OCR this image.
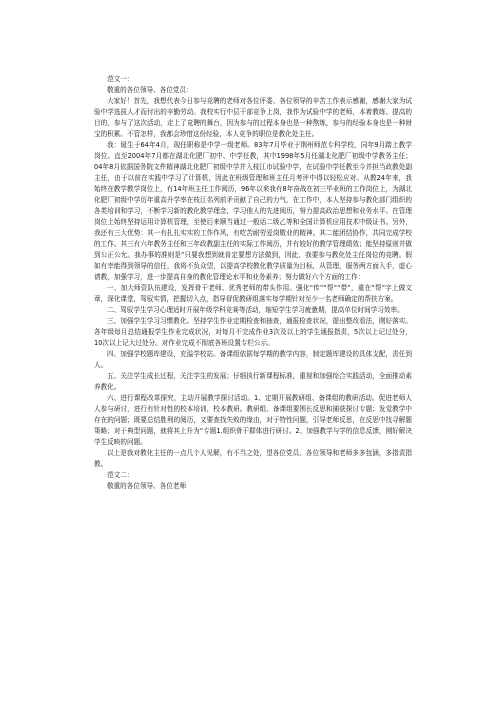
范文一：

敬重的各位领导、各位党员：

大家好！首先，我想代表今日参与竞聘的老师对各位评委、各位领导的辛苦工作表示感谢，感谢大家为试验中学选拔人才而付出的辛勤劳动。我校实行中层干部竞争上岗，我作为试验中学的老师，本着教练、提高的目的，参与了这次活动，走上了竞聘的舞台，因为参与的过程本身也是一种熬炼，参与的经验本身也是一种财宝的积累。不管怎样，我都会珍惜这份经验，本人竞争的职位是教化处主任。

我：诞生于64年4月，现任职称是中学一级老师。83年7月毕业于荆州师范专科学校，同年9月踏上教学岗位。直至2004年7月都在湖北化肥厂初中、中学任教，其中1998年5月任湖北化肥厂初级中学教务主任；04年8月依据国务院文件精神湖北化肥厂初级中学并入枝江市试验中学，在试验中学任教至今并担当政教处副主任，由于以前在实践中学习了计算机，因此在班级管理和班主任月考评中得以轻松应对。从教24年来，我始终在教学教学岗位上，有14年班主任工作阅历，96年以来我有8年奋战在初三毕业班的工作岗位上，为湖北化肥厂初级中学历年重高升学率在枝江名列前矛贡献了自己的力气，在工作中，本人坚持参与教化部门组织的各类培训和学习，不断学习新的教化教学理念，学习他人的先进阅历，努力提高政治思想和业务水平。在管理岗位上始终坚持运用计算机管理，至使后来顺当通过一般话二级乙等和全国计算机应用技术中级证书。另外，我还有三大优势：其一有扎扎实实的工作作风，有吃苦耐劳爱岗敬业的精神。其二能团结协作，共同完成学校的工作。其三有六年教务主任和三年政教副主任的实际工作阅历，并有较好的教学管理绩效；能坚持原则并做到公正公允。我办事的准则是“只要我想到就肯定要想方法做到，因此，我要参与教化处主任岗位的竞聘。假如有幸能得到领导的信任，我将不负众望，以提高学校教化教学质量为目标，从管理，服务两方面入手，虚心请教，加强学习，进一步提高自身的教化管理论水平和业务素养；努力做好六个方面的工作：

一、加大师资队伍建设，发挥骨干老师、优秀老师的带头作用。强化“传”“帮”“带”，重在“帮”字上做文章，深化课堂，驾驭实情，把握切入点，指导督促教研组落实每学期针对至少一名老师确定的帮扶方案。

二、驾驭学生学习心理适时开展年级学科竞赛等活动，缩短学生学习疲惫期，提高单位时间学习效率。

三、加强学生学习习惯教化。坚持学生作业定期检查和抽查，通报检查状况，提出整改看法，刚好落实。各年级每月总结通报学生作业完成状况，对每月不完成作业3次及以上的学生通报指责，5次以上记过处分，10次以上记大过处分。对作业完成不彻底各班设置专栏公示。

四、加强学校题库建设，充溢学校站。备课组依据每学期的教学内容，制定题库建设的具体支配，责任到人。

五、关注学生成长过程，关注学生的发展；仔细执行新课程标准，重视和加强综合实践活动，全面推动素养教化。

六、进行课程改革探究，主动开展教学探讨活动。1、定期开展教研组、备课组的教研活动。促进老师人人参与研讨，进行有针对性的校本培训，校本教研。教研组、备课组要围长反思和捕获探讨专题；发觉教学中存在的问题；既要总结胜利的阅历，又要查找失败的缘由，对于特性问题，引导老师反思，在反思中找寻解题策略；对于典型问题，就将其上升为“专题1.组织骨干群体进行研讨。2、加强教学与学的信息反馈，刚好解决学生反映的问题。

以上是我对教化主任的一点几个人见解，有不当之处，望各位党员、各位领导和老师多多包涵，多指责指教。

范文二：

敬重的各位领导、各位老师
